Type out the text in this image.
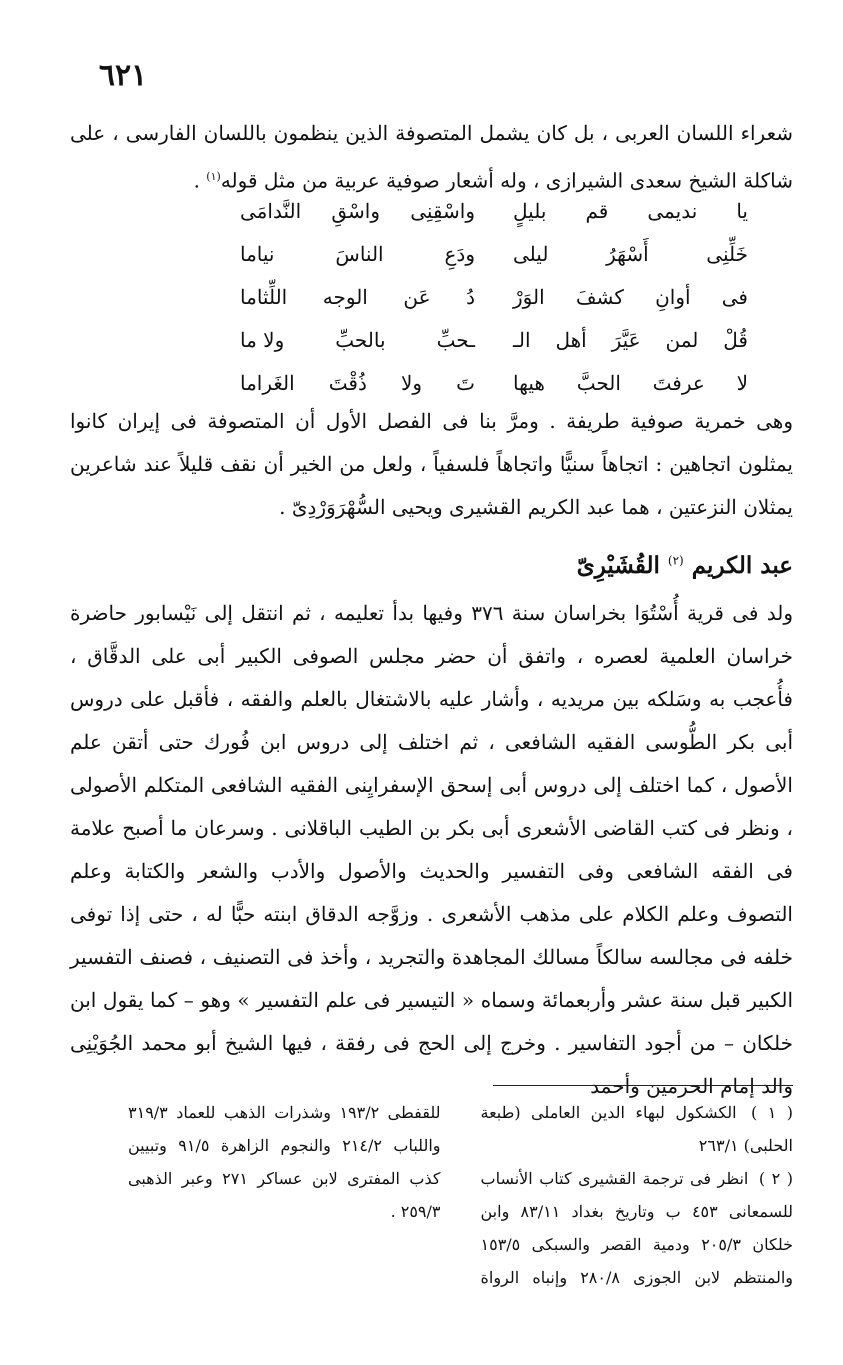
٦٢١
شعراء اللسان العربى ، بل كان يشمل المتصوفة الذين ينظمون باللسان الفارسى ، على شاكلة الشيخ سعدى الشيرازى ، وله أشعار صوفية عربية من مثل قوله$^{(١)}$ .
يا
نديمى
قم
بليلٍ
واسْقِنِى
واسْقِ
النَّدامَى
خَلِّنِى
أَسْهَرُ
ليلى
ودَعِ
الناسَ
نياما
فى
أوانِ
كشفَ
الوَرْ
دُ
عَن
الوجه
اللِّثاما
قُلْ
لمن
عَيَّرَ
أهل
الـ
ـحبِّ
بالحبِّ
ولا ما
لا
عرفتَ
الحبَّ
هيها
تَ
ولا
ذُقْتَ
الغَراما
وهى خمرية صوفية طريفة . ومرَّ بنا فى الفصل الأول أن المتصوفة فى إيران كانوا يمثلون اتجاهين : اتجاهاً سنيًّا واتجاهاً فلسفياً ، ولعل من الخير أن نقف قليلاً عند شاعرين يمثلان النزعتين ، هما عبد الكريم القشيرى ويحيى السُّهْرَوَرْدِىّ .
عبد الكريم $^{(٢)}$ القُشَيْرِىّ
ولد فى قرية أُسْتُوَا بخراسان سنة ٣٧٦ وفيها بدأ تعليمه ، ثم انتقل إلى نَيْسابور حاضرة خراسان العلمية لعصره ، واتفق أن حضر مجلس الصوفى الكبير أبى على الدقَّاق ، فأُعجب به وسَلكه بين مريديه ، وأشار عليه بالاشتغال بالعلم والفقه ، فأقبل على دروس أبى بكر الطُّوسى الفقيه الشافعى ، ثم اختلف إلى دروس ابن فُورك حتى أتقن علم الأصول ، كما اختلف إلى دروس أبى إسحق الإسفرايِنى الفقيه الشافعى المتكلم الأصولى ، ونظر فى كتب القاضى الأشعرى أبى بكر بن الطيب الباقلانى . وسرعان ما أصبح علامة فى الفقه الشافعى وفى التفسير والحديث والأصول والأدب والشعر والكتابة وعلم التصوف وعلم الكلام على مذهب الأشعرى . وزوَّجه الدقاق ابنته حبًّا له ، حتى إذا توفى خلفه فى مجالسه سالكاً مسالك المجاهدة والتجريد ، وأخذ فى التصنيف ، فصنف التفسير الكبير قبل سنة عشر وأربعمائة وسماه « التيسير فى علم التفسير » وهو – كما يقول ابن خلكان – من أجود التفاسير . وخرج إلى الحج فى رفقة ، فيها الشيخ أبو محمد الجُوَيْنِى والد إمام الحرمين وأحمد

( ١ ) الكشكول لبهاء الدين العاملى (طبعة الحلبى) ٢٦٣/١

( ٢ ) انظر فى ترجمة القشيرى كتاب الأنساب للسمعانى ٤٥٣ ب وتاريخ بغداد ٨٣/١١ وابن خلكان ٢٠٥/٣ ودمية القصر والسبكى ١٥٣/٥ والمنتظم لابن الجوزى ٢٨٠/٨ وإنباه الرواة للقفطى ١٩٣/٢ وشذرات الذهب للعماد ٣١٩/٣ واللباب ٢١٤/٢ والنجوم الزاهرة ٩١/٥ وتبيين كذب المفترى لابن عساكر ٢٧١ وعبر الذهبى ٢٥٩/٣ .
